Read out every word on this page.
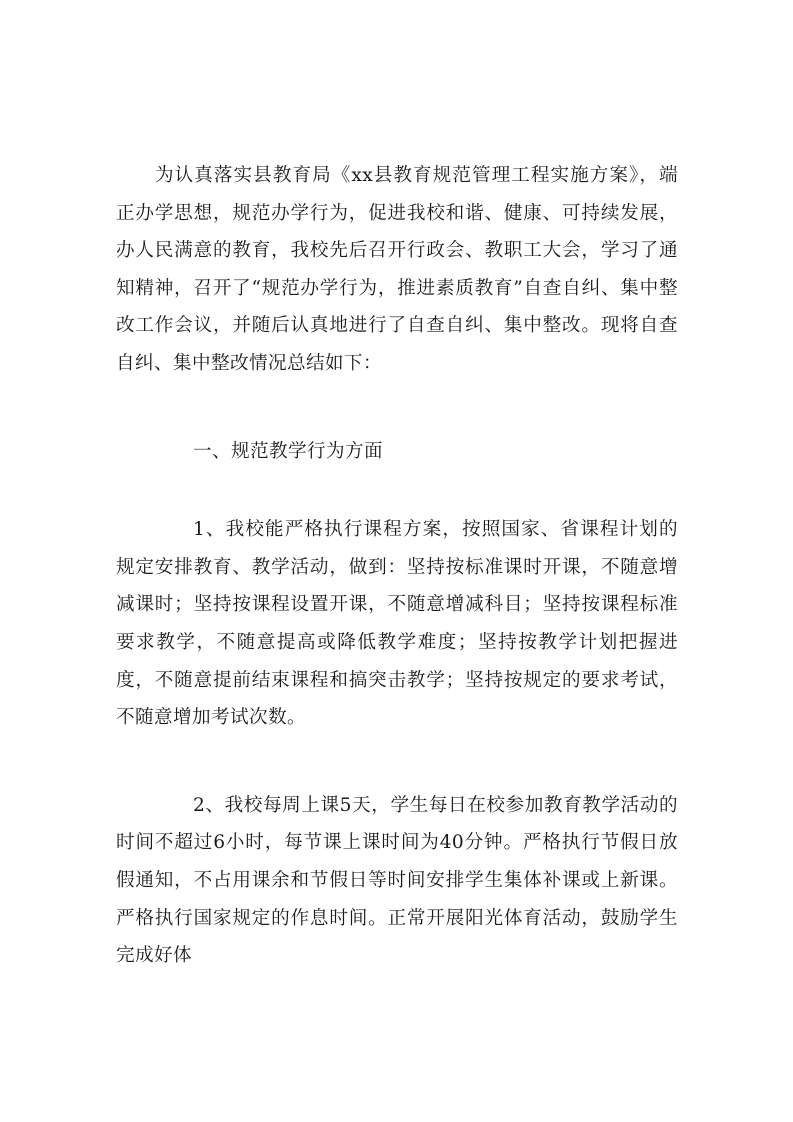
为认真落实县教育局《xx县教育规范管理工程实施方案》，端正办学思想，规范办学行为，促进我校和谐、健康、可持续发展，办人民满意的教育，我校先后召开行政会、教职工大会，学习了通知精神，召开了“规范办学行为，推进素质教育”自查自纠、集中整改工作会议，并随后认真地进行了自查自纠、集中整改。现将自查自纠、集中整改情况总结如下：

一、规范教学行为方面

1、我校能严格执行课程方案，按照国家、省课程计划的规定安排教育、教学活动，做到：坚持按标准课时开课，不随意增减课时；坚持按课程设置开课，不随意增减科目；坚持按课程标准要求教学，不随意提高或降低教学难度；坚持按教学计划把握进度，不随意提前结束课程和搞突击教学；坚持按规定的要求考试，不随意增加考试次数。

2、我校每周上课5天，学生每日在校参加教育教学活动的时间不超过6小时，每节课上课时间为40分钟。严格执行节假日放假通知，不占用课余和节假日等时间安排学生集体补课或上新课。严格执行国家规定的作息时间。正常开展阳光体育活动，鼓励学生完成好体
